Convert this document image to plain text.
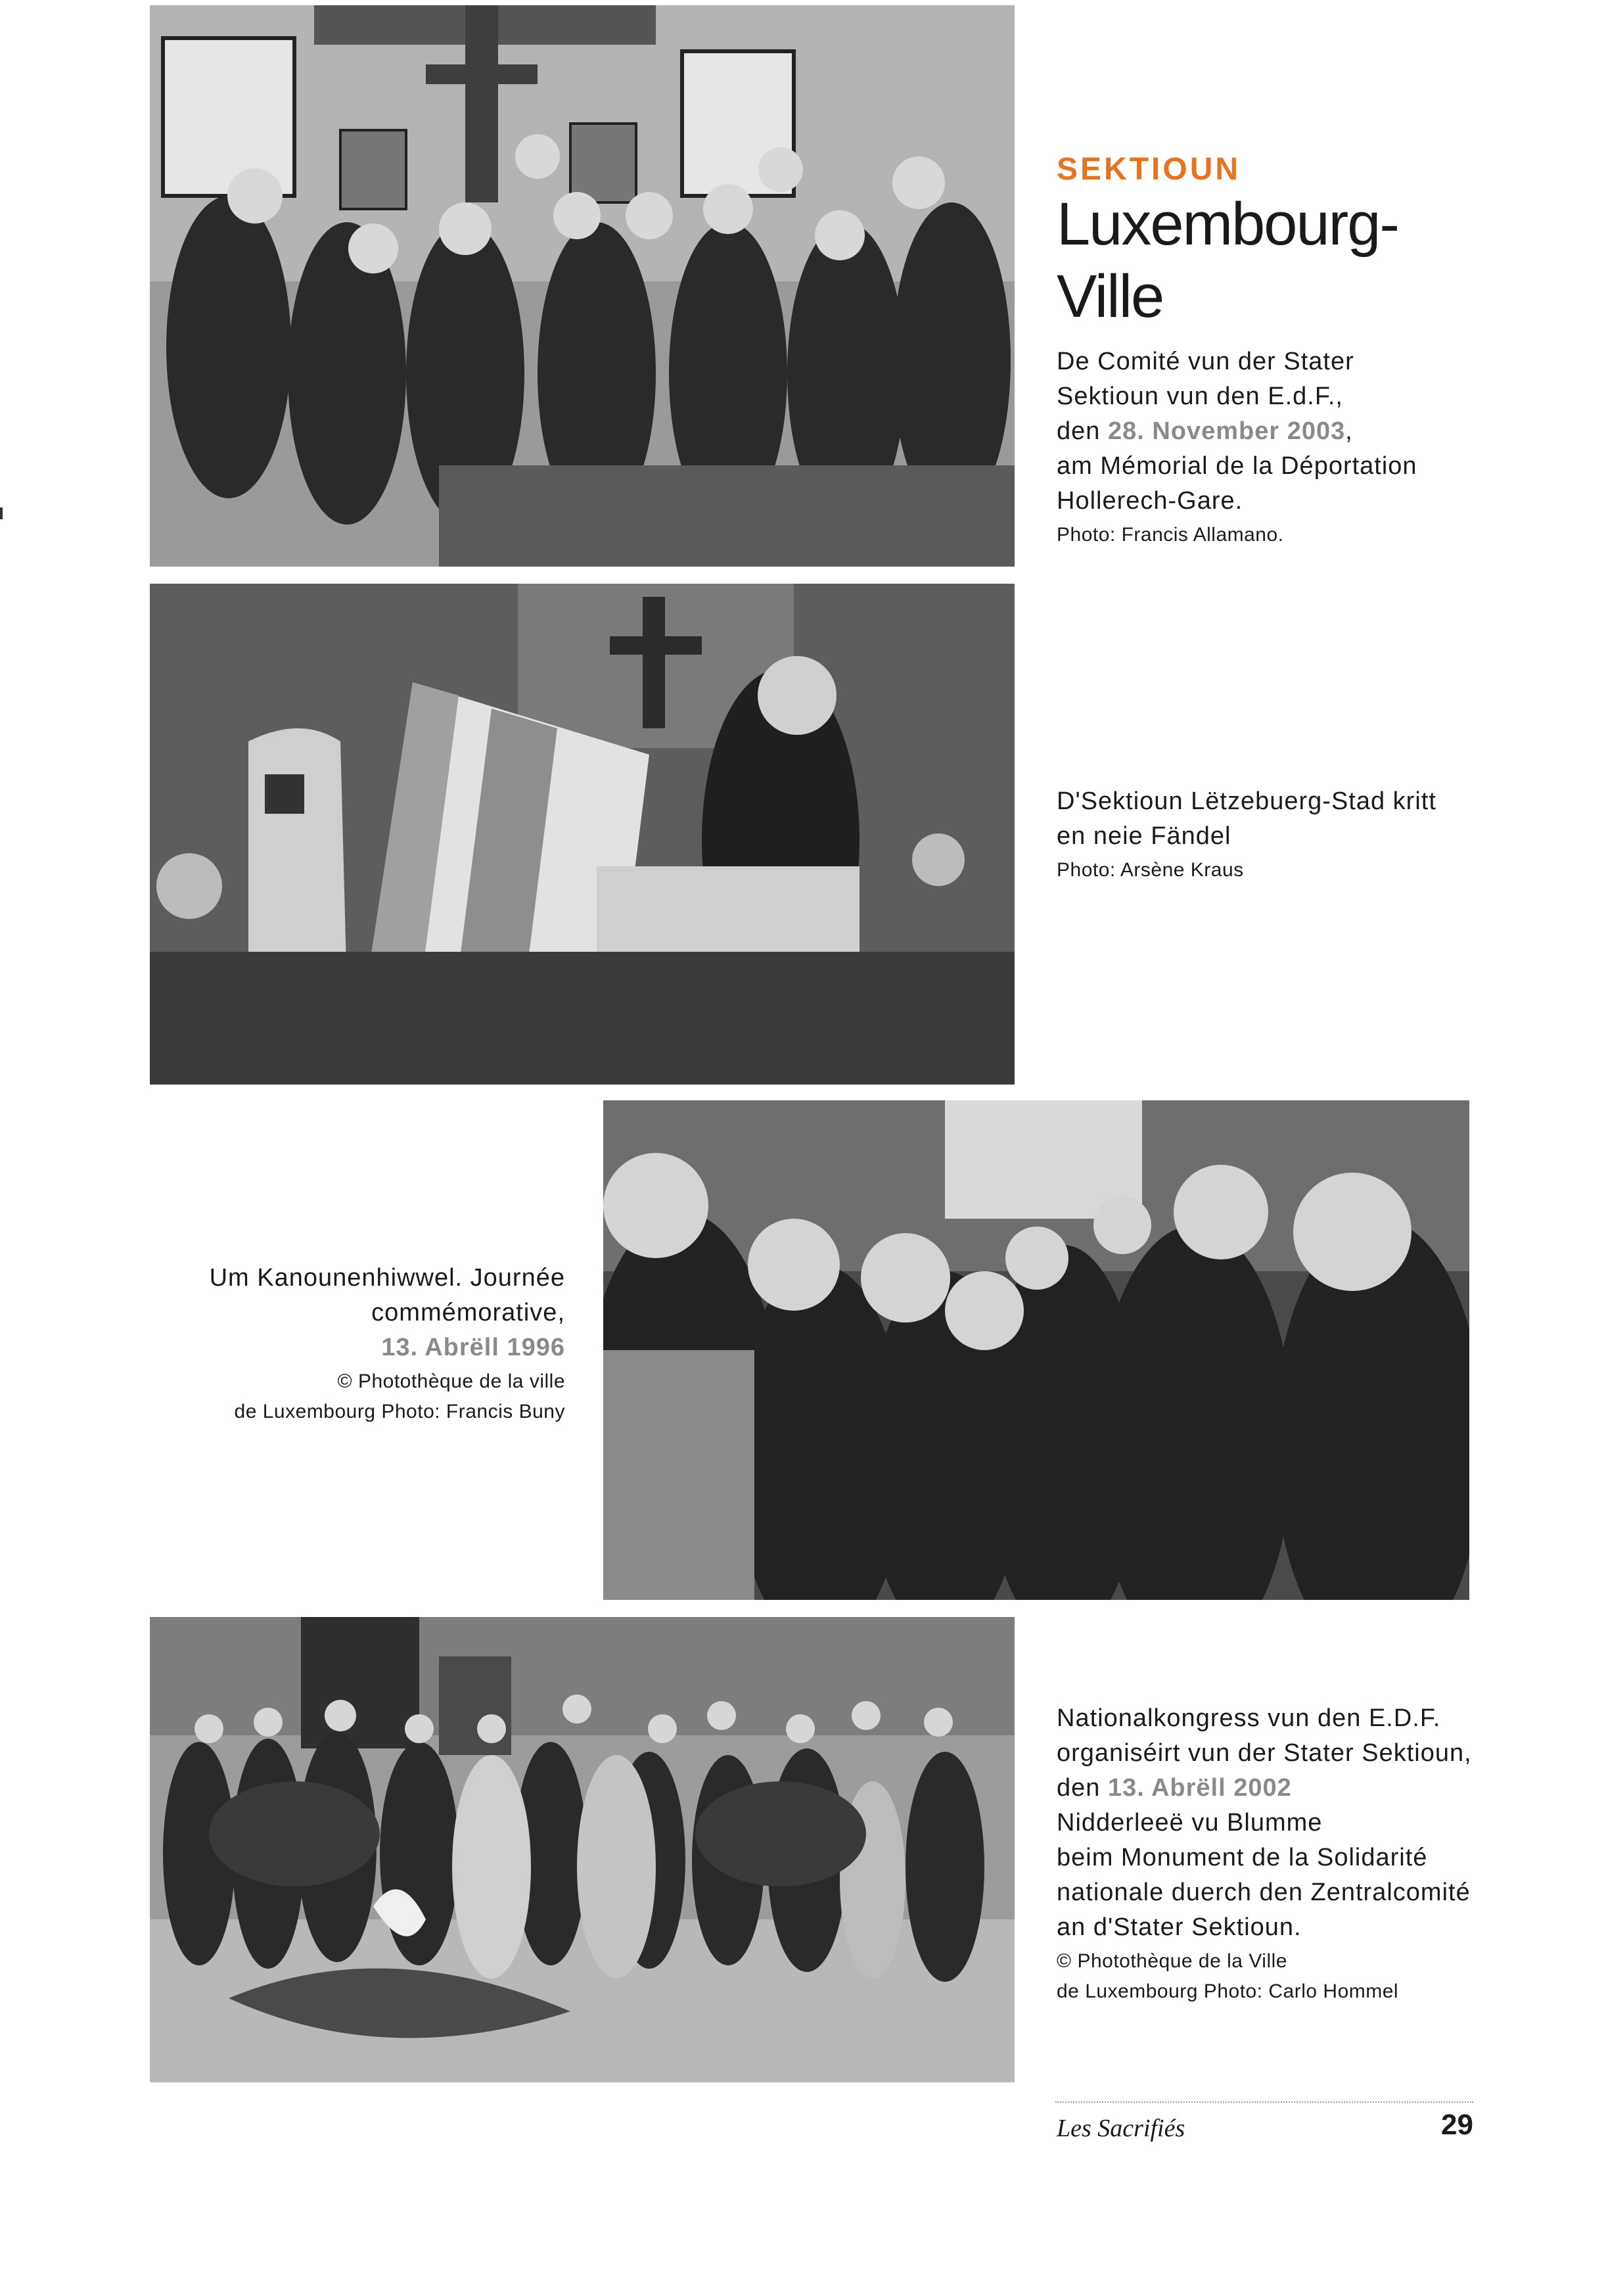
SEKTIOUN
Luxembourg-
Ville
De Comité vun der Stater
Sektioun vun den E.d.F.,
den 28. November 2003,
am Mémorial de la Déportation
Hollerech-Gare.
Photo: Francis Allamano.
D'Sektioun Lëtzebuerg-Stad kritt
en neie Fändel
Photo: Arsène Kraus
Um Kanounenhiwwel. Journée
commémorative,
13. Abrëll 1996
© Photothèque de la ville
de Luxembourg Photo: Francis Buny
Nationalkongress vun den E.D.F.
organiséirt vun der Stater Sektioun,
den 13. Abrëll 2002
Nidderleeë vu Blumme
beim Monument de la Solidarité
nationale duerch den Zentralcomité
an d'Stater Sektioun.
© Photothèque de la Ville
de Luxembourg Photo: Carlo Hommel
Les Sacrifiés	29
